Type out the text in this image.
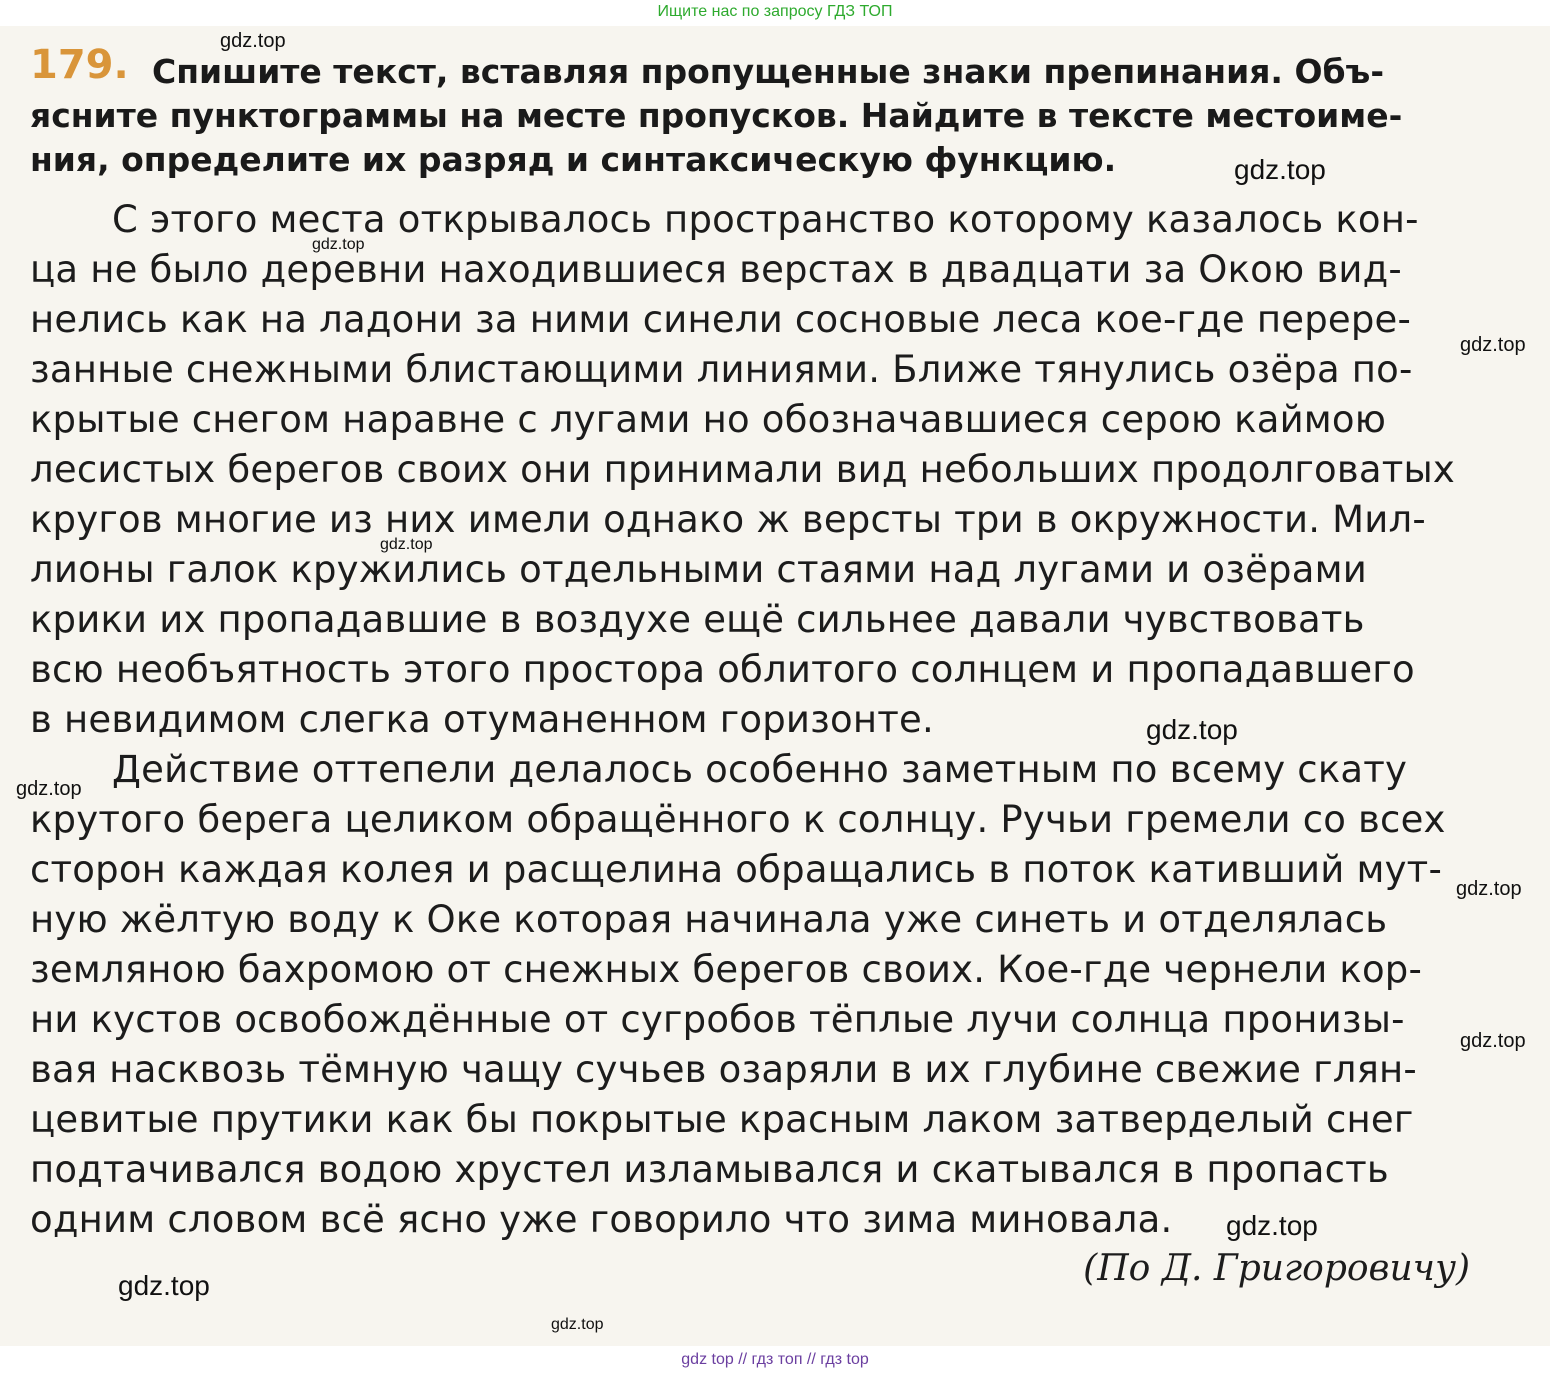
Ищите нас по запросу ГДЗ ТОП
179. Спишите текст, вставляя пропущенные знаки препинания. Объ-
ясните пунктограммы на месте пропусков. Найдите в тексте местоиме-
ния, определите их разряд и синтаксическую функцию.
С этого места открывалось пространство которому казалось кон-
ца не было деревни находившиеся верстах в двадцати за Окою вид-
нелись как на ладони за ними синели сосновые леса кое-где перере-
занные снежными блистающими линиями. Ближе тянулись озёра по-
крытые снегом наравне с лугами но обозначавшиеся серою каймою
лесистых берегов своих они принимали вид небольших продолговатых
кругов многие из них имели однако ж версты три в окружности. Мил-
лионы галок кружились отдельными стаями над лугами и озёрами
крики их пропадавшие в воздухе ещё сильнее давали чувствовать
всю необъятность этого простора облитого солнцем и пропадавшего
в невидимом слегка отуманенном горизонте.
Действие оттепели делалось особенно заметным по всему скату
крутого берега целиком обращённого к солнцу. Ручьи гремели со всех
сторон каждая колея и расщелина обращались в поток кативший мут-
ную жёлтую воду к Оке которая начинала уже синеть и отделялась
земляною бахромою от снежных берегов своих. Кое-где чернели кор-
ни кустов освобождённые от сугробов тёплые лучи солнца пронизы-
вая насквозь тёмную чащу сучьев озаряли в их глубине свежие глян-
цевитые прутики как бы покрытые красным лаком затверделый снег
подтачивался водою хрустел изламывался и скатывался в пропасть
одним словом всё ясно уже говорило что зима миновала.
(По Д. Григоровичу)
gdz.top
gdz.top
gdz.top
gdz.top
gdz.top
gdz.top
gdz.top
gdz.top
gdz.top
gdz.top
gdz.top
gdz.top
gdz top // гдз топ // гдз top
